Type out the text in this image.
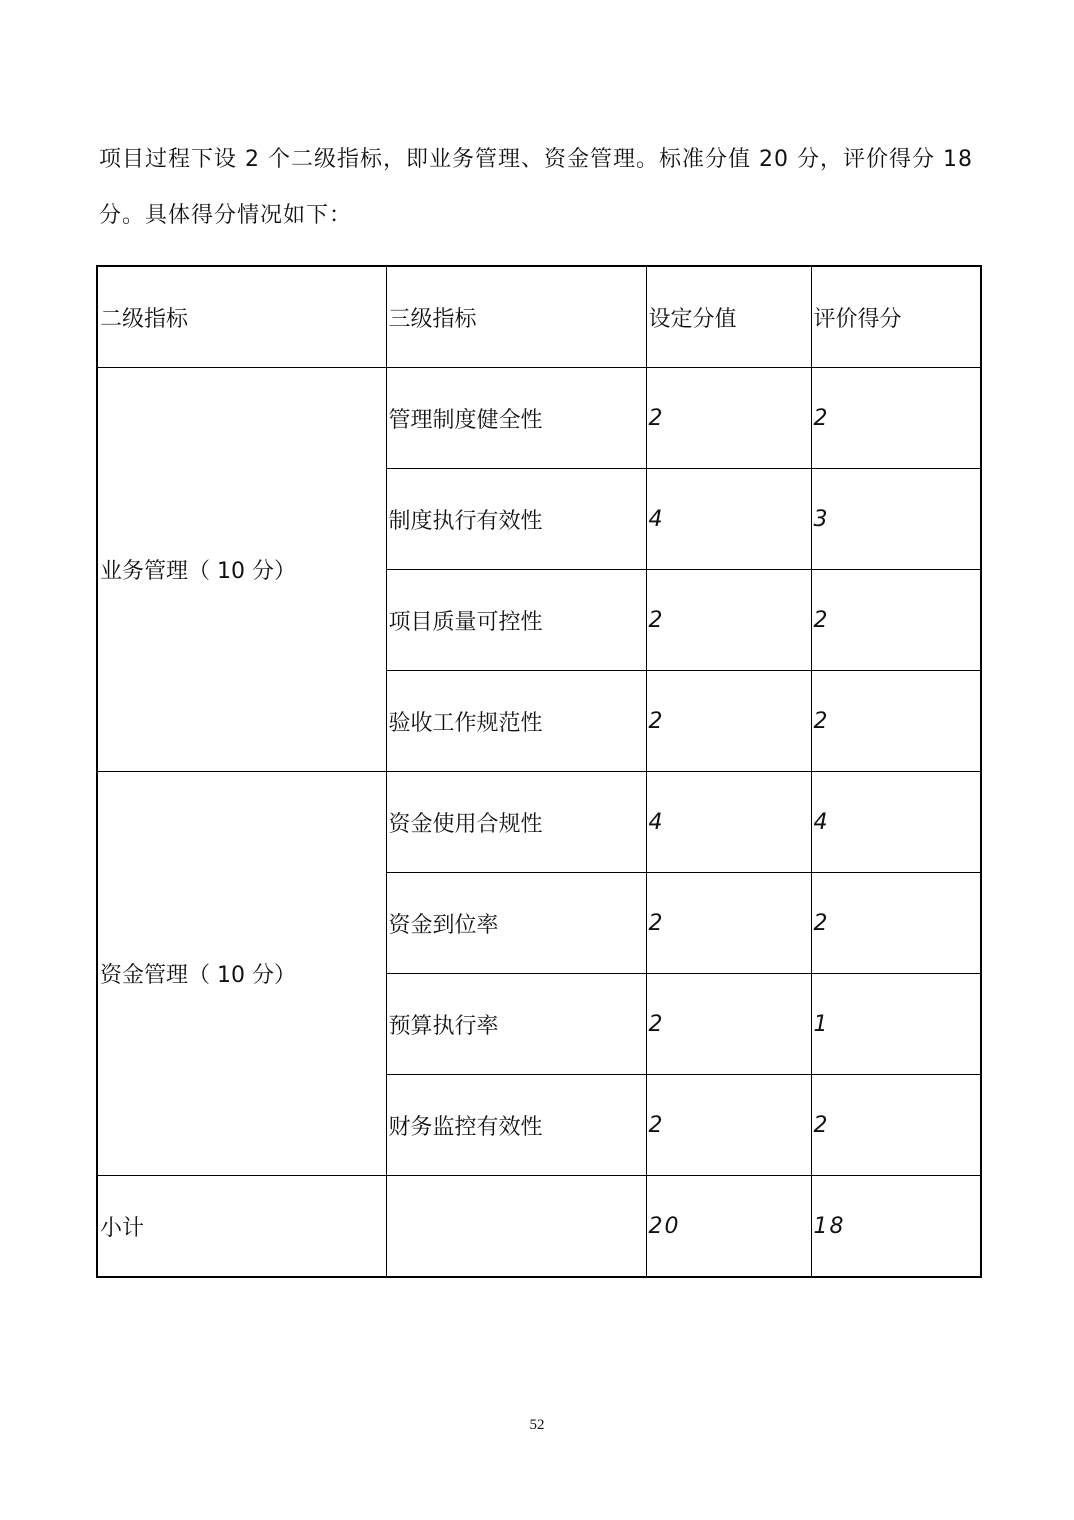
项目过程下设 2 个二级指标，即业务管理、资金管理。标准分值 20 分，评价得分 18 分。具体得分情况如下：

二级指标	三级指标	设定分值	评价得分
业务管理（ 10 分）	管理制度健全性	2	2
	制度执行有效性	4	3
	项目质量可控性	2	2
	验收工作规范性	2	2
资金管理（ 10 分）	资金使用合规性	4	4
	资金到位率	2	2
	预算执行率	2	1
	财务监控有效性	2	2
小计		20	18
52
